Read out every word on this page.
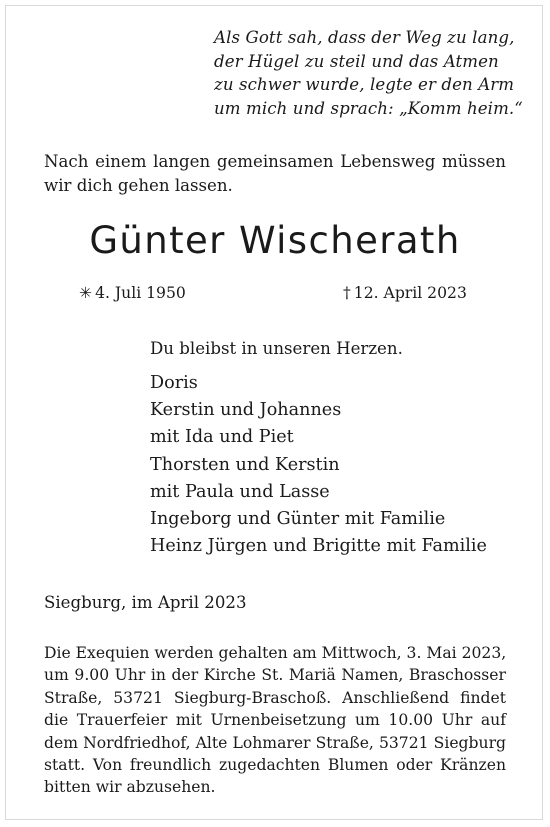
Als Gott sah, dass der Weg zu lang,
der Hügel zu steil und das Atmen
zu schwer wurde, legte er den Arm
um mich und sprach: „Komm heim.“
Nach einem langen gemeinsamen Lebensweg müssen
wir dich gehen lassen.
Günter Wischerath
✳ 4. Juli 1950	† 12. April 2023
Du bleibst in unseren Herzen.
Doris
Kerstin und Johannes
mit Ida und Piet
Thorsten und Kerstin
mit Paula und Lasse
Ingeborg und Günter mit Familie
Heinz Jürgen und Brigitte mit Familie
Siegburg, im April 2023
Die Exequien werden gehalten am Mittwoch, 3. Mai 2023,
um 9.00 Uhr in der Kirche St. Mariä Namen, Braschosser
Straße, 53721 Siegburg-Braschoß. Anschließend findet
die Trauerfeier mit Urnenbeisetzung um 10.00 Uhr auf
dem Nordfriedhof, Alte Lohmarer Straße, 53721 Siegburg
statt. Von freundlich zugedachten Blumen oder Kränzen
bitten wir abzusehen.
